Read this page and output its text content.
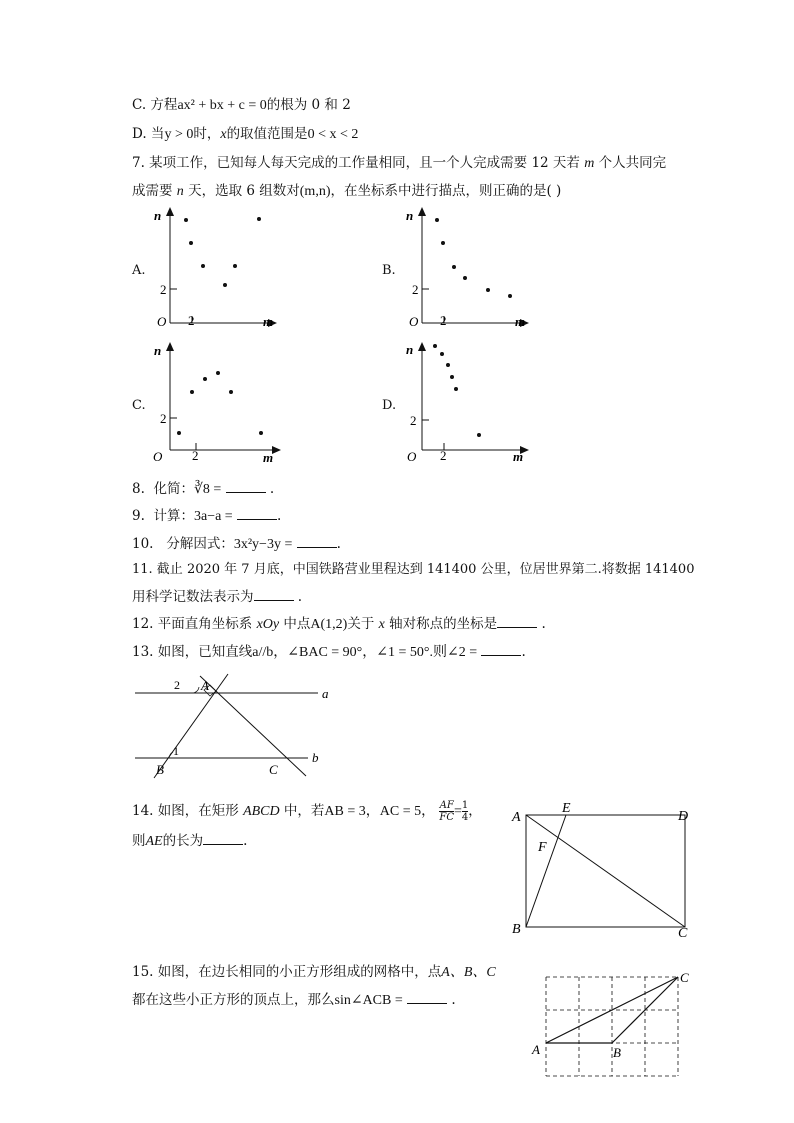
C. 方程ax² + bx + c = 0的根为 0 和 2
D. 当y > 0时，x的取值范围是0 < x < 2
7. 某项工作，已知每人每天完成的工作量相同，且一个人完成需要 12 天若 m 个人共同完
成需要 n 天，选取 6 组数对(m,n)，在坐标系中进行描点，则正确的是( )
A.
n
m
O 2
2
B.
n
m
O 2
2
C.
n
m
O 2
2
D.
n
m
O 2
2
8. 化简：∛8 =	.
9. 计算：3a−a =	.
10. 分解因式：3x²y−3y =	.
11. 截止 2020 年 7 月底，中国铁路营业里程达到 141400 公里，位居世界第二.将数据 141400
用科学记数法表示为	.
12. 平面直角坐标系 xOy 中点A(1,2)关于 x 轴对称点的坐标是	.
13. 如图，已知直线a//b，∠BAC = 90°，∠1 = 50°.则∠2 =	.
a
b
A
B	C
1
2
14. 如图，在矩形 ABCD 中，若AB = 3，AC = 5， $\frac{AF}{FC} = \frac{1}{4}$ ，
则AE的长为	.
A
B	C
D
E
F
15. 如图，在边长相同的小正方形组成的网格中，点A、B、C
都在这些小正方形的顶点上，那么sin∠ACB =	.
A	B
C
